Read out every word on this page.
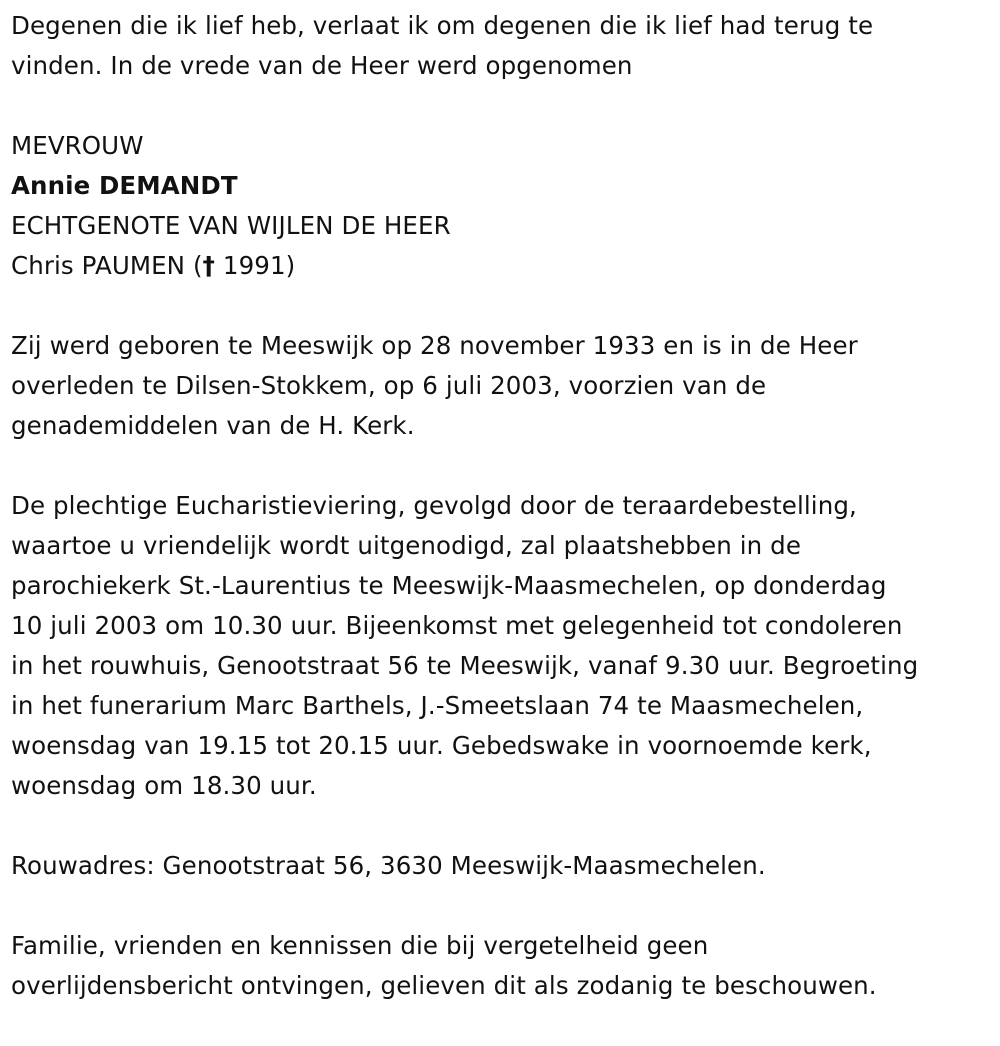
Degenen die ik lief heb, verlaat ik om degenen die ik lief had terug te
vinden. In de vrede van de Heer werd opgenomen
MEVROUW
Annie DEMANDT
ECHTGENOTE VAN WIJLEN DE HEER
Chris PAUMEN († 1991)
Zij werd geboren te Meeswijk op 28 november 1933 en is in de Heer
overleden te Dilsen-Stokkem, op 6 juli 2003, voorzien van de
genademiddelen van de H. Kerk.
De plechtige Eucharistieviering, gevolgd door de teraardebestelling,
waartoe u vriendelijk wordt uitgenodigd, zal plaatshebben in de
parochiekerk St.-Laurentius te Meeswijk-Maasmechelen, op donderdag
10 juli 2003 om 10.30 uur. Bijeenkomst met gelegenheid tot condoleren
in het rouwhuis, Genootstraat 56 te Meeswijk, vanaf 9.30 uur. Begroeting
in het funerarium Marc Barthels, J.-Smeetslaan 74 te Maasmechelen,
woensdag van 19.15 tot 20.15 uur. Gebedswake in voornoemde kerk,
woensdag om 18.30 uur.
Rouwadres: Genootstraat 56, 3630 Meeswijk-Maasmechelen.
Familie, vrienden en kennissen die bij vergetelheid geen
overlijdensbericht ontvingen, gelieven dit als zodanig te beschouwen.
